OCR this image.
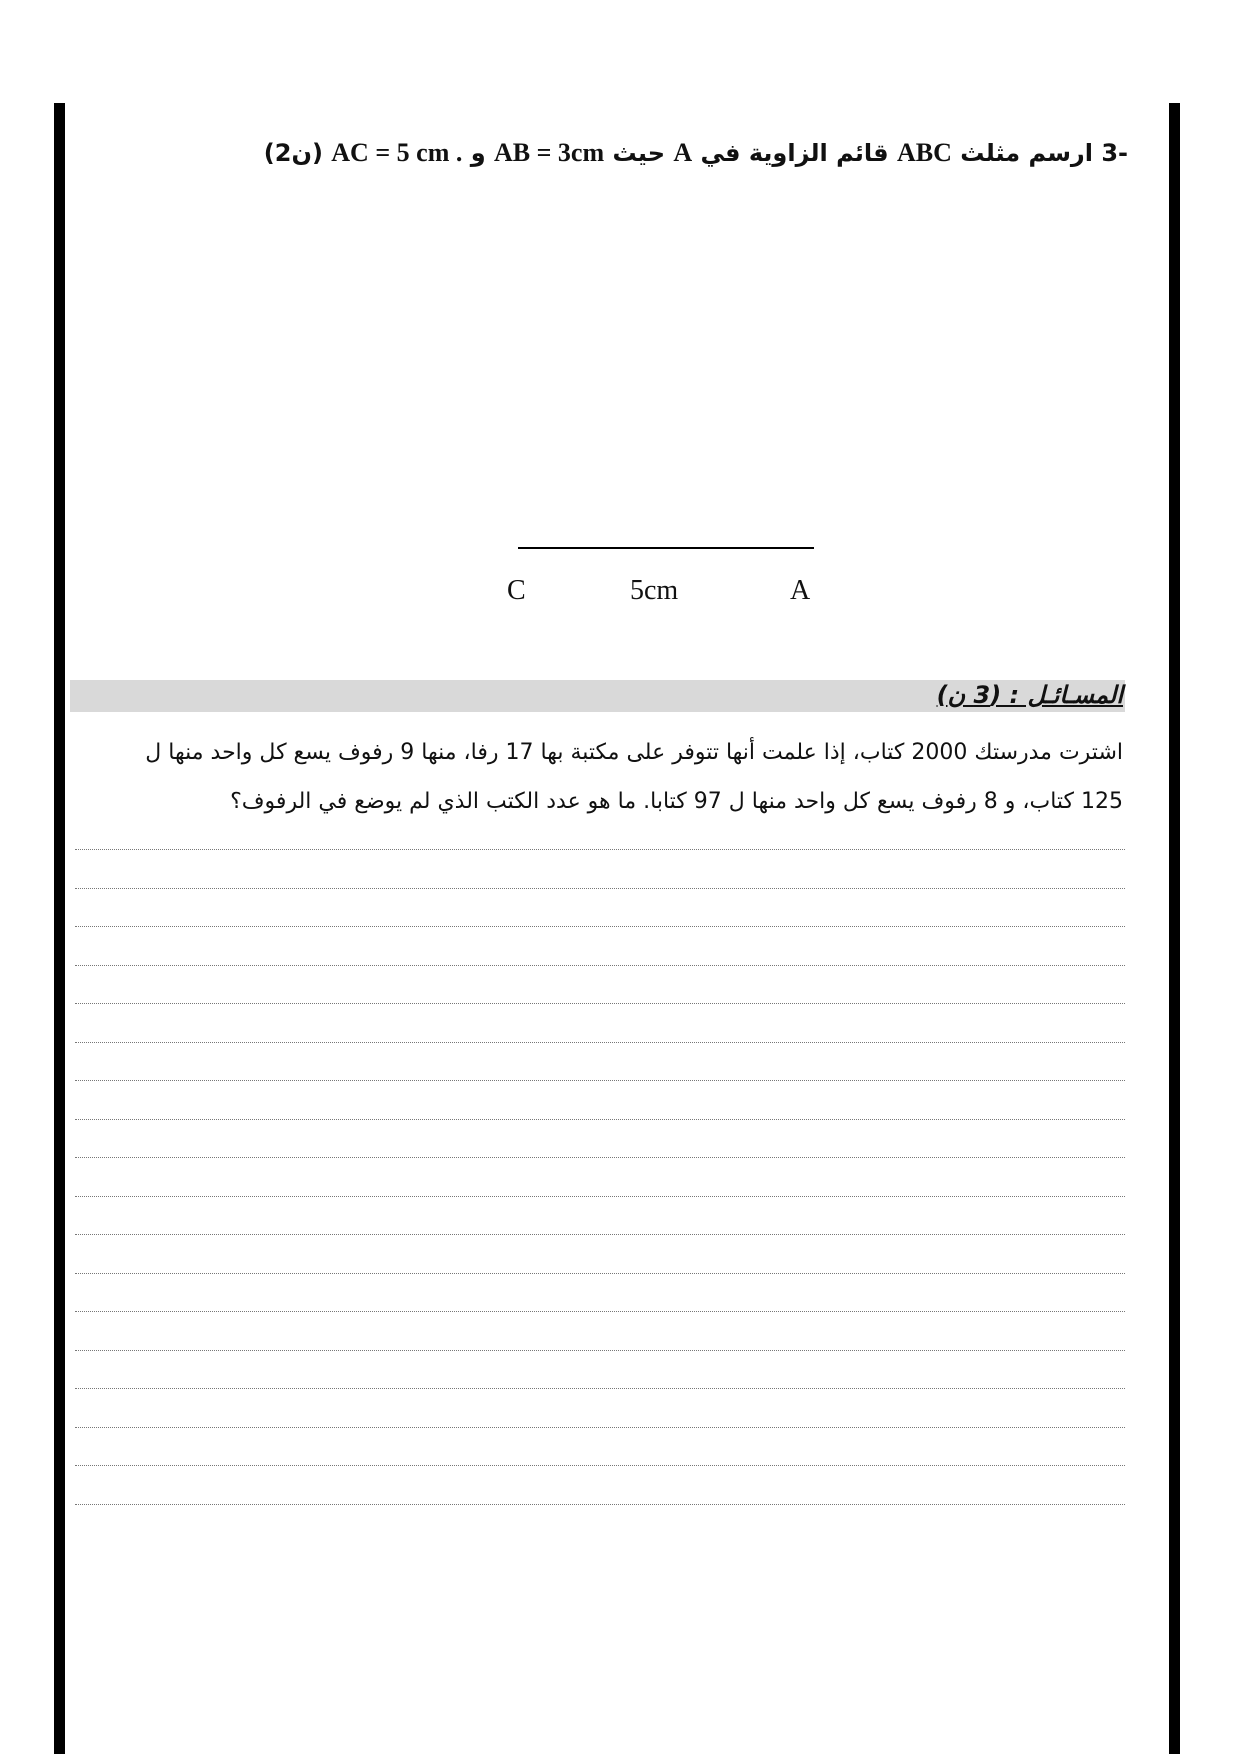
-3 ارسم مثلث ABC قائم الزاوية في A حيث AB = 3cm و AC = 5 cm . (ن2)
C	5cm	A
المسـائـل : (3 ن)
اشترت مدرستك 2000 كتاب، إذا علمت أنها تتوفر على مكتبة بها 17 رفا، منها 9 رفوف يسع كل واحد منها ل
125 كتاب، و 8 رفوف يسع كل واحد منها ل 97 كتابا. ما هو عدد الكتب الذي لم يوضع في الرفوف؟
